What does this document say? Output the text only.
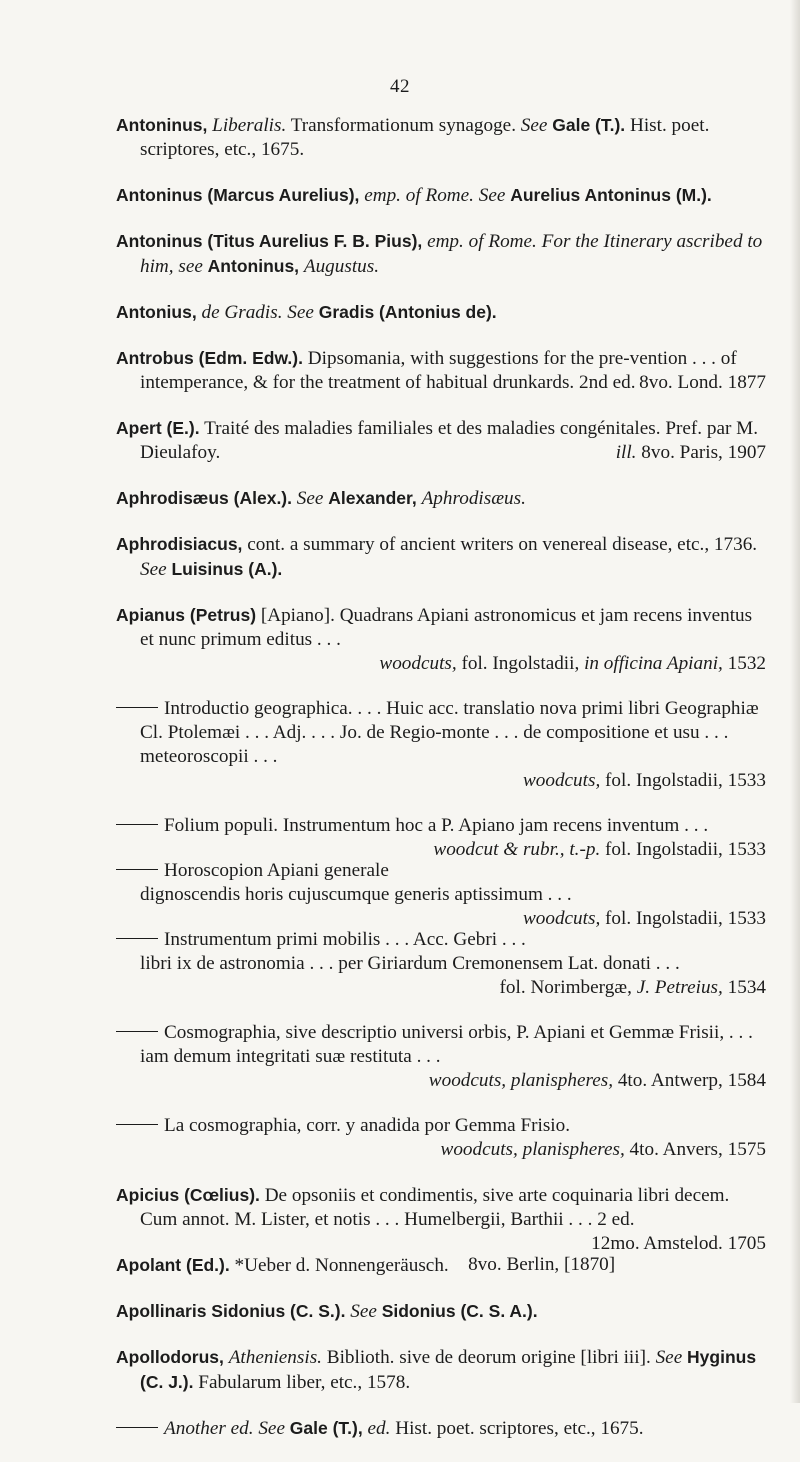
42

Antoninus, Liberalis. Transformationum synagoge. See Gale (T.). Hist. poet. scriptores, etc., 1675.

Antoninus (Marcus Aurelius), emp. of Rome. See Aurelius Antoninus (M.).

Antoninus (Titus Aurelius F. B. Pius), emp. of Rome. For the Itinerary ascribed to him, see Antoninus, Augustus.

Antonius, de Gradis. See Gradis (Antonius de).

Antrobus (Edm. Edw.). Dipsomania, with suggestions for the pre-vention . . . of intemperance, & for the treatment of habitual drunkards. 2nd ed. 8vo. Lond. 1877

Apert (E.). Traité des maladies familiales et des maladies congénitales. Pref. par M. Dieulafoy.	ill. 8vo. Paris, 1907

Aphrodisæus (Alex.). See Alexander, Aphrodisæus.

Aphrodisiacus, cont. a summary of ancient writers on venereal disease, etc., 1736. See Luisinus (A.).

Apianus (Petrus) [Apiano]. Quadrans Apiani astronomicus et jam recens inventus et nunc primum editus . . .
woodcuts, fol. Ingolstadii, in officina Apiani, 1532

Introductio geographica. . . . Huic acc. translatio nova primi libri Geographiæ Cl. Ptolemæi . . . Adj. . . . Jo. de Regio-monte . . . de compositione et usu . . . meteoroscopii . . .
woodcuts, fol. Ingolstadii, 1533

Folium populi. Instrumentum hoc a P. Apiano jam recens inventum . . .
woodcut & rubr., t.-p. fol. Ingolstadii, 1533

Horoscopion Apiani generale dignoscendis horis cujuscumque generis aptissimum . . .
woodcuts, fol. Ingolstadii, 1533

Instrumentum primi mobilis . . . Acc. Gebri . . . libri ix de astronomia . . . per Giriardum Cremonensem Lat. donati . . .
fol. Norimbergæ, J. Petreius, 1534

Cosmographia, sive descriptio universi orbis, P. Apiani et Gemmæ Frisii, . . . iam demum integritati suæ restituta . . .
woodcuts, planispheres, 4to. Antwerp, 1584

La cosmographia, corr. y anadida por Gemma Frisio.
woodcuts, planispheres, 4to. Anvers, 1575

Apicius (Cœlius). De opsoniis et condimentis, sive arte coquinaria libri decem. Cum annot. M. Lister, et notis . . . Humelbergii, Barthii . . . 2 ed.
12mo. Amstelod. 1705

Apolant (Ed.). *Ueber d. Nonnengeräusch. 8vo. Berlin, [1870]

Apollinaris Sidonius (C. S.). See Sidonius (C. S. A.).

Apollodorus, Atheniensis. Biblioth. sive de deorum origine [libri iii]. See Hyginus (C. J.). Fabularum liber, etc., 1578.

Another ed. See Gale (T.), ed. Hist. poet. scriptores, etc., 1675.
